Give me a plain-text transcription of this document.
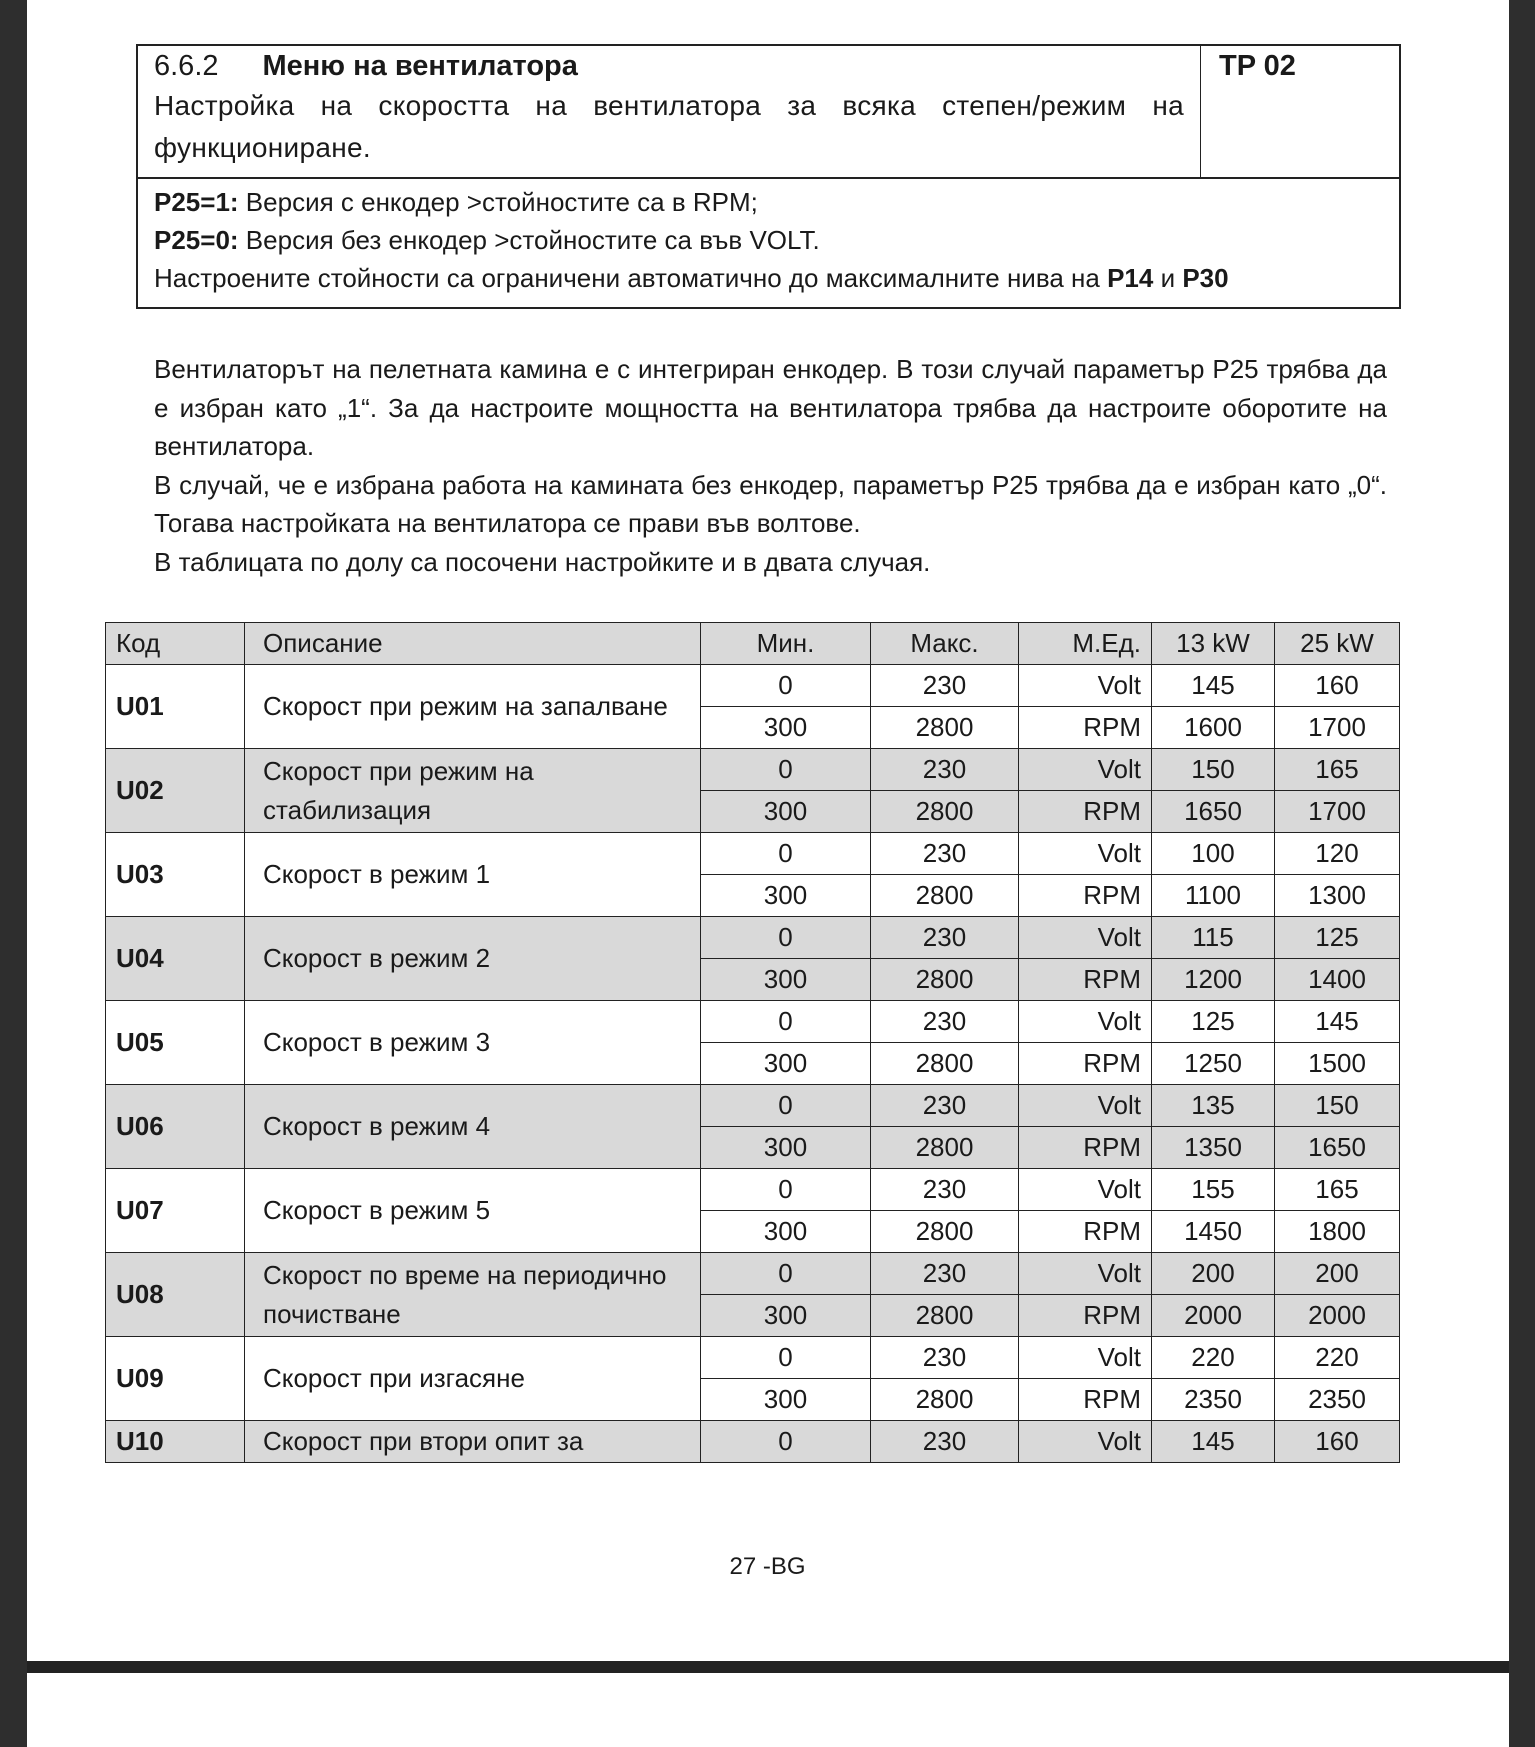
6.6.2 Меню на вентилатора
Настройка на скоростта на вентилатора за всяка степен/режим на функциониране.
TP 02
P25=1: Версия с енкодер >стойностите са в RPM;
P25=0: Версия без енкодер >стойностите са във VOLT.
Настроените стойности са ограничени автоматично до максималните нива на P14 и P30

Вентилаторът на пелетната камина е с интегриран енкодер. В този случай параметър P25 трябва да е избран като „1“. За да настроите мощността на вентилатора трябва да настроите оборотите на вентилатора.

В случай, че е избрана работа на камината без енкодер, параметър P25 трябва да е избран като „0“. Тогава настройката на вентилатора се прави във волтове.

В таблицата по долу са посочени настройките и в двата случая.

Код	Описание	Мин.	Макс.	М.Ед.	13 kW	25 kW
U01	Скорост при режим на запалване	0	230	Volt	145	160
		300	2800	RPM	1600	1700
U02	Скорост при режим на стабилизация	0	230	Volt	150	165
		300	2800	RPM	1650	1700
U03	Скорост в режим 1	0	230	Volt	100	120
		300	2800	RPM	1100	1300
U04	Скорост в режим 2	0	230	Volt	115	125
		300	2800	RPM	1200	1400
U05	Скорост в режим 3	0	230	Volt	125	145
		300	2800	RPM	1250	1500
U06	Скорост в режим 4	0	230	Volt	135	150
		300	2800	RPM	1350	1650
U07	Скорост в режим 5	0	230	Volt	155	165
		300	2800	RPM	1450	1800
U08	Скорост по време на периодично почистване	0	230	Volt	200	200
		300	2800	RPM	2000	2000
U09	Скорост при изгасяне	0	230	Volt	220	220
		300	2800	RPM	2350	2350
U10	Скорост при втори опит за	0	230	Volt	145	160
27 -BG
